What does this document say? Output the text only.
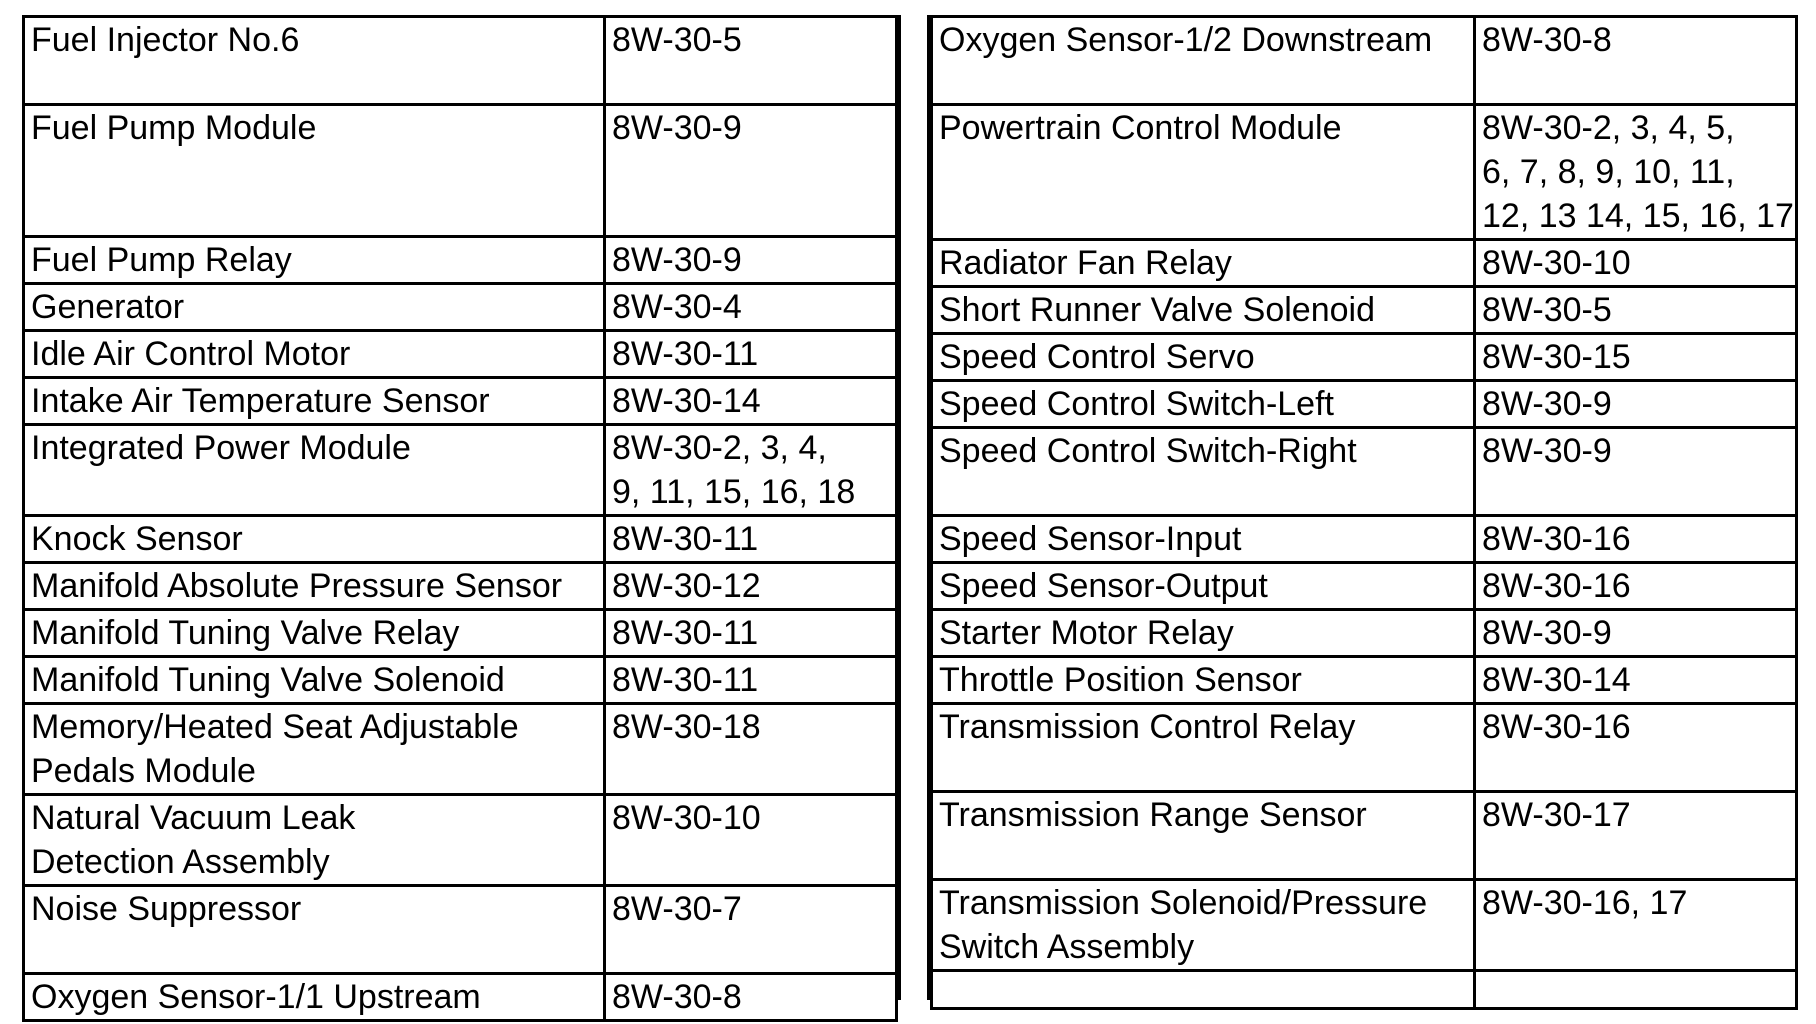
Fuel Injector No.6	8W-30-5

Fuel Pump Module	8W-30-9

Fuel Pump Relay	8W-30-9

Generator	8W-30-4

Idle Air Control Motor	8W-30-11

Intake Air Temperature Sensor	8W-30-14

Integrated Power Module	8W-30-2, 3, 4,
9, 11, 15, 16, 18

Knock Sensor	8W-30-11

Manifold Absolute Pressure Sensor	8W-30-12

Manifold Tuning Valve Relay	8W-30-11

Manifold Tuning Valve Solenoid	8W-30-11

Memory/Heated Seat Adjustable
Pedals Module	8W-30-18

Natural Vacuum Leak
Detection Assembly	8W-30-10

Noise Suppressor	8W-30-7

Oxygen Sensor-1/1 Upstream	8W-30-8
Oxygen Sensor-1/2 Downstream	8W-30-8

Powertrain Control Module	8W-30-2, 3, 4, 5,
6, 7, 8, 9, 10, 11,
12, 13 14, 15, 16, 17

Radiator Fan Relay	8W-30-10

Short Runner Valve Solenoid	8W-30-5

Speed Control Servo	8W-30-15

Speed Control Switch-Left	8W-30-9

Speed Control Switch-Right	8W-30-9

Speed Sensor-Input	8W-30-16

Speed Sensor-Output	8W-30-16

Starter Motor Relay	8W-30-9

Throttle Position Sensor	8W-30-14

Transmission Control Relay	8W-30-16

Transmission Range Sensor	8W-30-17

Transmission Solenoid/Pressure
Switch Assembly	8W-30-16, 17
